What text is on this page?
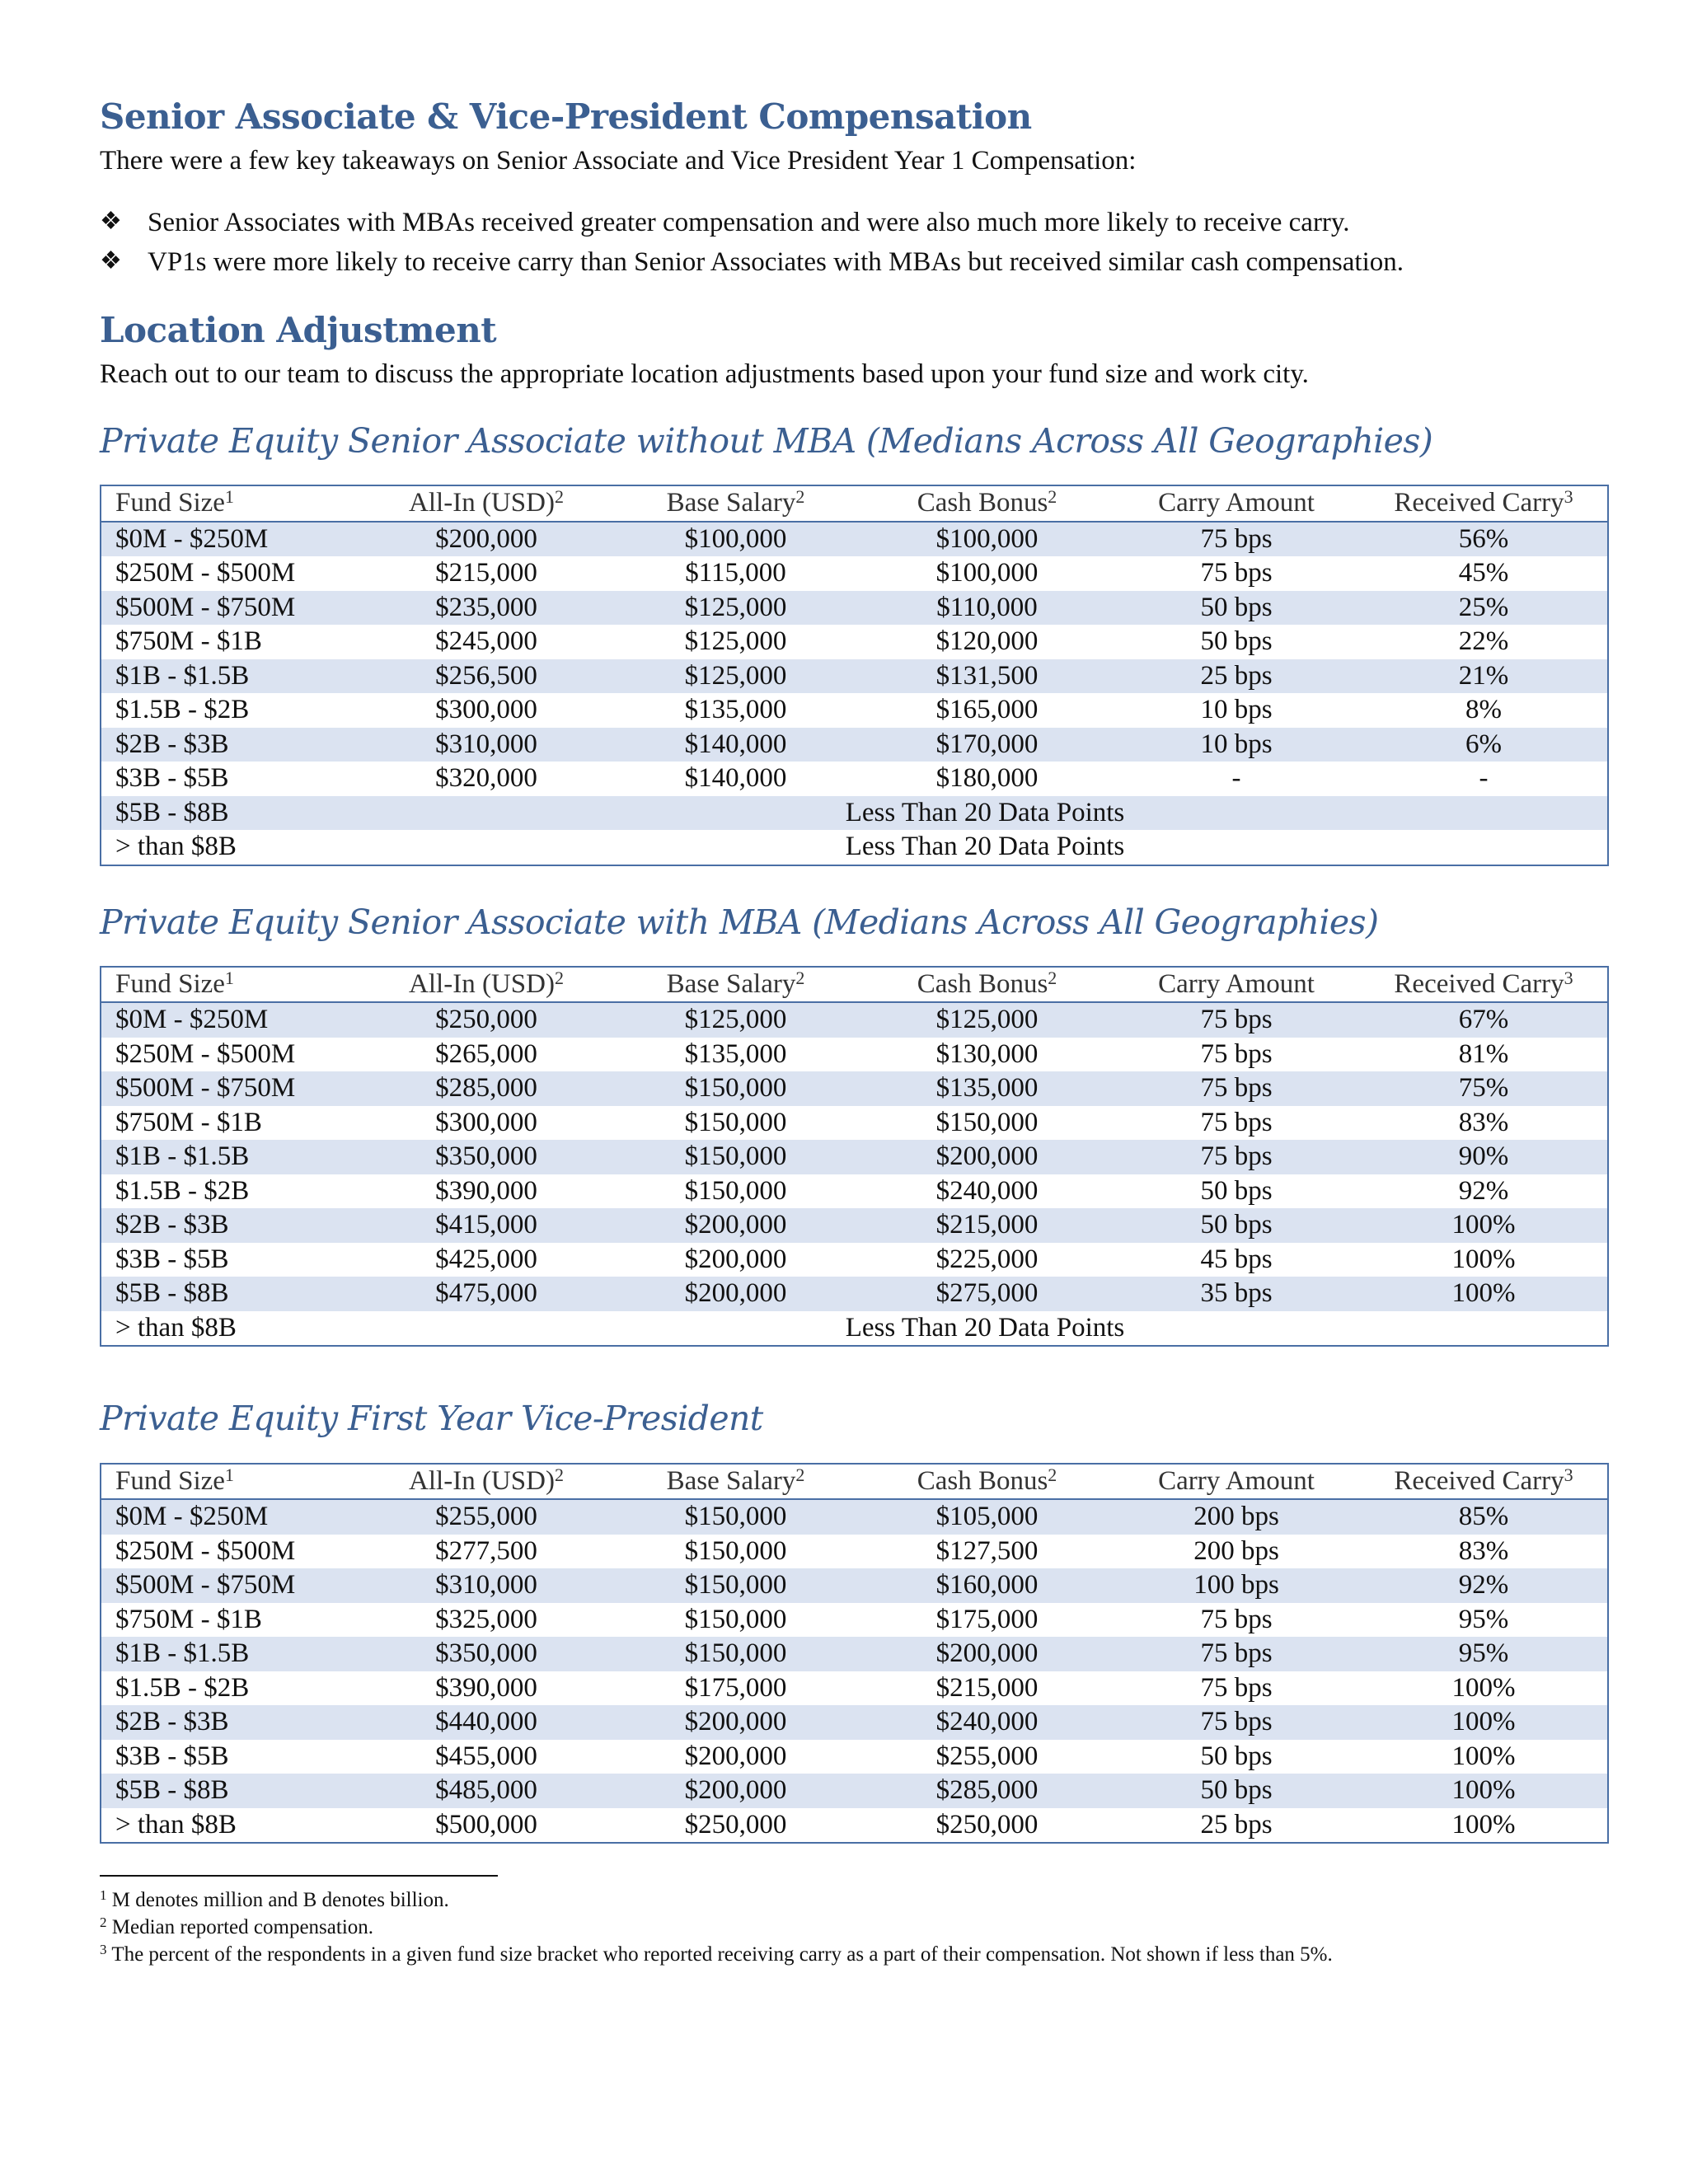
Senior Associate & Vice-President Compensation

There were a few key takeaways on Senior Associate and Vice President Year 1 Compensation:

❖ Senior Associates with MBAs received greater compensation and were also much more likely to receive carry.
❖ VP1s were more likely to receive carry than Senior Associates with MBAs but received similar cash compensation.
Location Adjustment

Reach out to our team to discuss the appropriate location adjustments based upon your fund size and work city.

Private Equity Senior Associate without MBA (Medians Across All Geographies)
Fund Size$^1$	All-In (USD)$^2$	Base Salary$^2$	Cash Bonus$^2$	Carry Amount	Received Carry$^3$
$0M - $250M	$200,000	$100,000	$100,000	75 bps	56%
$250M - $500M	$215,000	$115,000	$100,000	75 bps	45%
$500M - $750M	$235,000	$125,000	$110,000	50 bps	25%
$750M - $1B	$245,000	$125,000	$120,000	50 bps	22%
$1B - $1.5B	$256,500	$125,000	$131,500	25 bps	21%
$1.5B - $2B	$300,000	$135,000	$165,000	10 bps	8%
$2B - $3B	$310,000	$140,000	$170,000	10 bps	6%
$3B - $5B	$320,000	$140,000	$180,000	-	-
$5B - $8B	Less Than 20 Data Points				
> than $8B	Less Than 20 Data Points				
Private Equity Senior Associate with MBA (Medians Across All Geographies)
Fund Size$^1$	All-In (USD)$^2$	Base Salary$^2$	Cash Bonus$^2$	Carry Amount	Received Carry$^3$
$0M - $250M	$250,000	$125,000	$125,000	75 bps	67%
$250M - $500M	$265,000	$135,000	$130,000	75 bps	81%
$500M - $750M	$285,000	$150,000	$135,000	75 bps	75%
$750M - $1B	$300,000	$150,000	$150,000	75 bps	83%
$1B - $1.5B	$350,000	$150,000	$200,000	75 bps	90%
$1.5B - $2B	$390,000	$150,000	$240,000	50 bps	92%
$2B - $3B	$415,000	$200,000	$215,000	50 bps	100%
$3B - $5B	$425,000	$200,000	$225,000	45 bps	100%
$5B - $8B	$475,000	$200,000	$275,000	35 bps	100%
> than $8B	Less Than 20 Data Points				
Private Equity First Year Vice-President
Fund Size$^1$	All-In (USD)$^2$	Base Salary$^2$	Cash Bonus$^2$	Carry Amount	Received Carry$^3$
$0M - $250M	$255,000	$150,000	$105,000	200 bps	85%
$250M - $500M	$277,500	$150,000	$127,500	200 bps	83%
$500M - $750M	$310,000	$150,000	$160,000	100 bps	92%
$750M - $1B	$325,000	$150,000	$175,000	75 bps	95%
$1B - $1.5B	$350,000	$150,000	$200,000	75 bps	95%
$1.5B - $2B	$390,000	$175,000	$215,000	75 bps	100%
$2B - $3B	$440,000	$200,000	$240,000	75 bps	100%
$3B - $5B	$455,000	$200,000	$255,000	50 bps	100%
$5B - $8B	$485,000	$200,000	$285,000	50 bps	100%
> than $8B	$500,000	$250,000	$250,000	25 bps	100%

$^1$ M denotes million and B denotes billion.

$^2$ Median reported compensation.

$^3$ The percent of the respondents in a given fund size bracket who reported receiving carry as a part of their compensation. Not shown if less than 5%.
